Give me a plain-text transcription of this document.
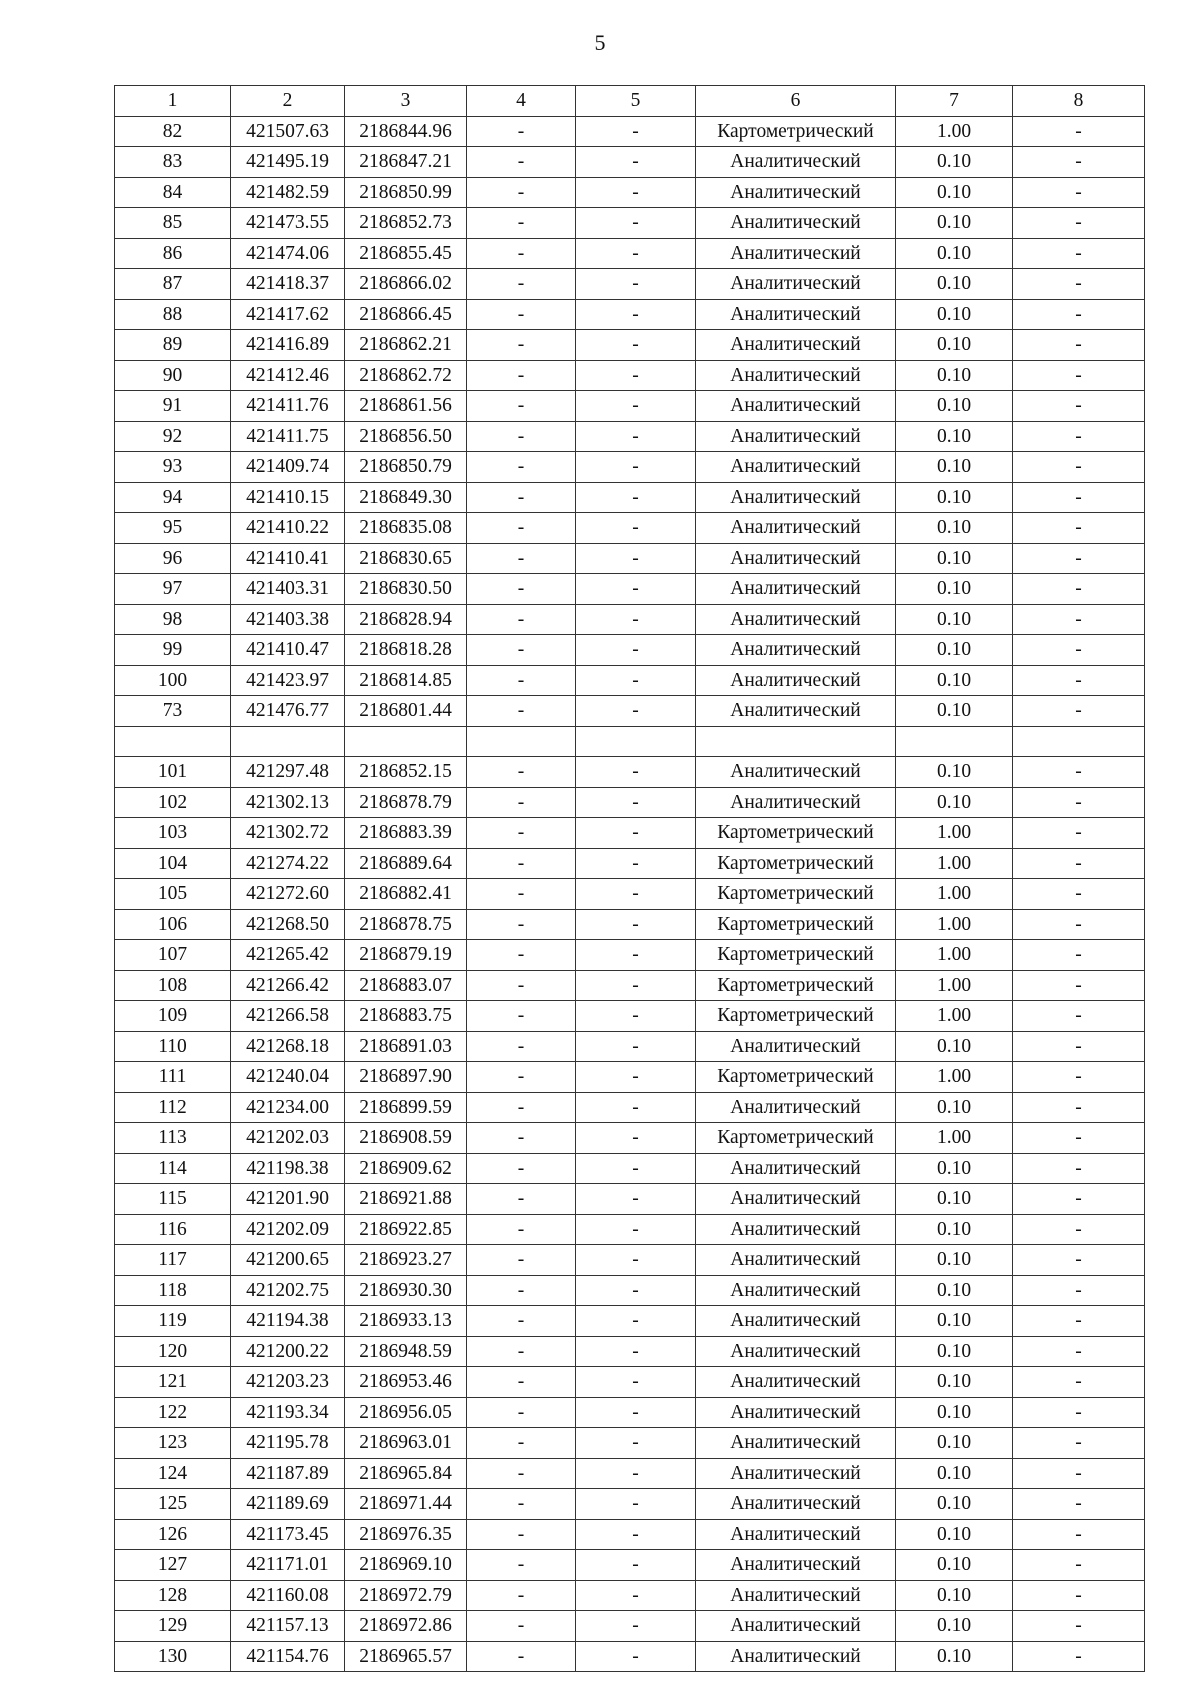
5
1	2	3	4	5	6	7	8
82	421507.63	2186844.96	-	-	Картометрический	1.00	-
83	421495.19	2186847.21	-	-	Аналитический	0.10	-
84	421482.59	2186850.99	-	-	Аналитический	0.10	-
85	421473.55	2186852.73	-	-	Аналитический	0.10	-
86	421474.06	2186855.45	-	-	Аналитический	0.10	-
87	421418.37	2186866.02	-	-	Аналитический	0.10	-
88	421417.62	2186866.45	-	-	Аналитический	0.10	-
89	421416.89	2186862.21	-	-	Аналитический	0.10	-
90	421412.46	2186862.72	-	-	Аналитический	0.10	-
91	421411.76	2186861.56	-	-	Аналитический	0.10	-
92	421411.75	2186856.50	-	-	Аналитический	0.10	-
93	421409.74	2186850.79	-	-	Аналитический	0.10	-
94	421410.15	2186849.30	-	-	Аналитический	0.10	-
95	421410.22	2186835.08	-	-	Аналитический	0.10	-
96	421410.41	2186830.65	-	-	Аналитический	0.10	-
97	421403.31	2186830.50	-	-	Аналитический	0.10	-
98	421403.38	2186828.94	-	-	Аналитический	0.10	-
99	421410.47	2186818.28	-	-	Аналитический	0.10	-
100	421423.97	2186814.85	-	-	Аналитический	0.10	-
73	421476.77	2186801.44	-	-	Аналитический	0.10	-

101	421297.48	2186852.15	-	-	Аналитический	0.10	-
102	421302.13	2186878.79	-	-	Аналитический	0.10	-
103	421302.72	2186883.39	-	-	Картометрический	1.00	-
104	421274.22	2186889.64	-	-	Картометрический	1.00	-
105	421272.60	2186882.41	-	-	Картометрический	1.00	-
106	421268.50	2186878.75	-	-	Картометрический	1.00	-
107	421265.42	2186879.19	-	-	Картометрический	1.00	-
108	421266.42	2186883.07	-	-	Картометрический	1.00	-
109	421266.58	2186883.75	-	-	Картометрический	1.00	-
110	421268.18	2186891.03	-	-	Аналитический	0.10	-
111	421240.04	2186897.90	-	-	Картометрический	1.00	-
112	421234.00	2186899.59	-	-	Аналитический	0.10	-
113	421202.03	2186908.59	-	-	Картометрический	1.00	-
114	421198.38	2186909.62	-	-	Аналитический	0.10	-
115	421201.90	2186921.88	-	-	Аналитический	0.10	-
116	421202.09	2186922.85	-	-	Аналитический	0.10	-
117	421200.65	2186923.27	-	-	Аналитический	0.10	-
118	421202.75	2186930.30	-	-	Аналитический	0.10	-
119	421194.38	2186933.13	-	-	Аналитический	0.10	-
120	421200.22	2186948.59	-	-	Аналитический	0.10	-
121	421203.23	2186953.46	-	-	Аналитический	0.10	-
122	421193.34	2186956.05	-	-	Аналитический	0.10	-
123	421195.78	2186963.01	-	-	Аналитический	0.10	-
124	421187.89	2186965.84	-	-	Аналитический	0.10	-
125	421189.69	2186971.44	-	-	Аналитический	0.10	-
126	421173.45	2186976.35	-	-	Аналитический	0.10	-
127	421171.01	2186969.10	-	-	Аналитический	0.10	-
128	421160.08	2186972.79	-	-	Аналитический	0.10	-
129	421157.13	2186972.86	-	-	Аналитический	0.10	-
130	421154.76	2186965.57	-	-	Аналитический	0.10	-
